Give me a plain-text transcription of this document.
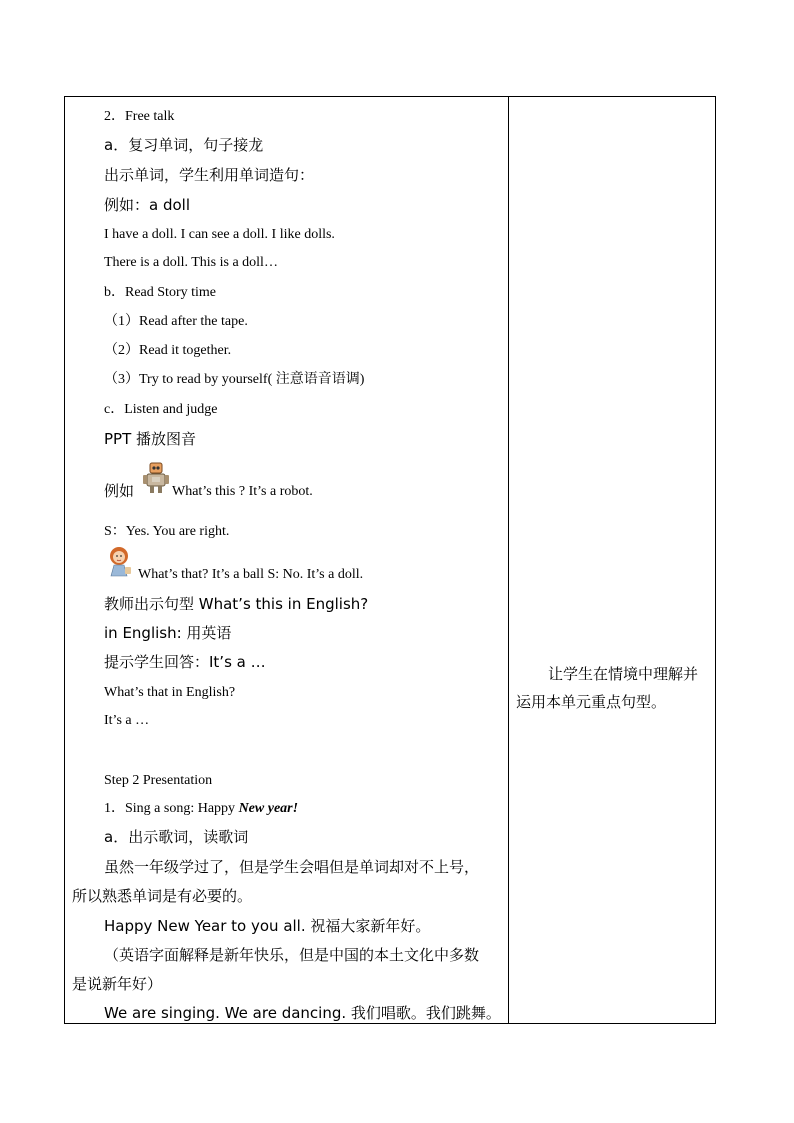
2．Free talk
a．复习单词，句子接龙
出示单词，学生利用单词造句：
例如：a doll
I have a doll. I can see a doll. I like dolls.
There is a doll. This is a doll…
b．Read Story time
（1）Read after the tape.
（2）Read it together.
（3）Try to read by yourself( 注意语音语调)
c．Listen and judge
PPT 播放图音
例如	What’s this ? It’s a robot.
S：Yes. You are right.
What’s that? It’s a ball S: No. It’s a doll.
教师出示句型 What’s this in English?
in English: 用英语
提示学生回答：It’s a …
What’s that in English?
It’s a …
Step 2 Presentation
1．Sing a song: Happy New year!
a．出示歌词，读歌词
虽然一年级学过了，但是学生会唱但是单词却对不上号，
所以熟悉单词是有必要的。
Happy New Year to you all. 祝福大家新年好。
（英语字面解释是新年快乐，但是中国的本土文化中多数
是说新年好）
We are singing. We are dancing. 我们唱歌。我们跳舞。
让学生在情境中理解并
运用本单元重点句型。
